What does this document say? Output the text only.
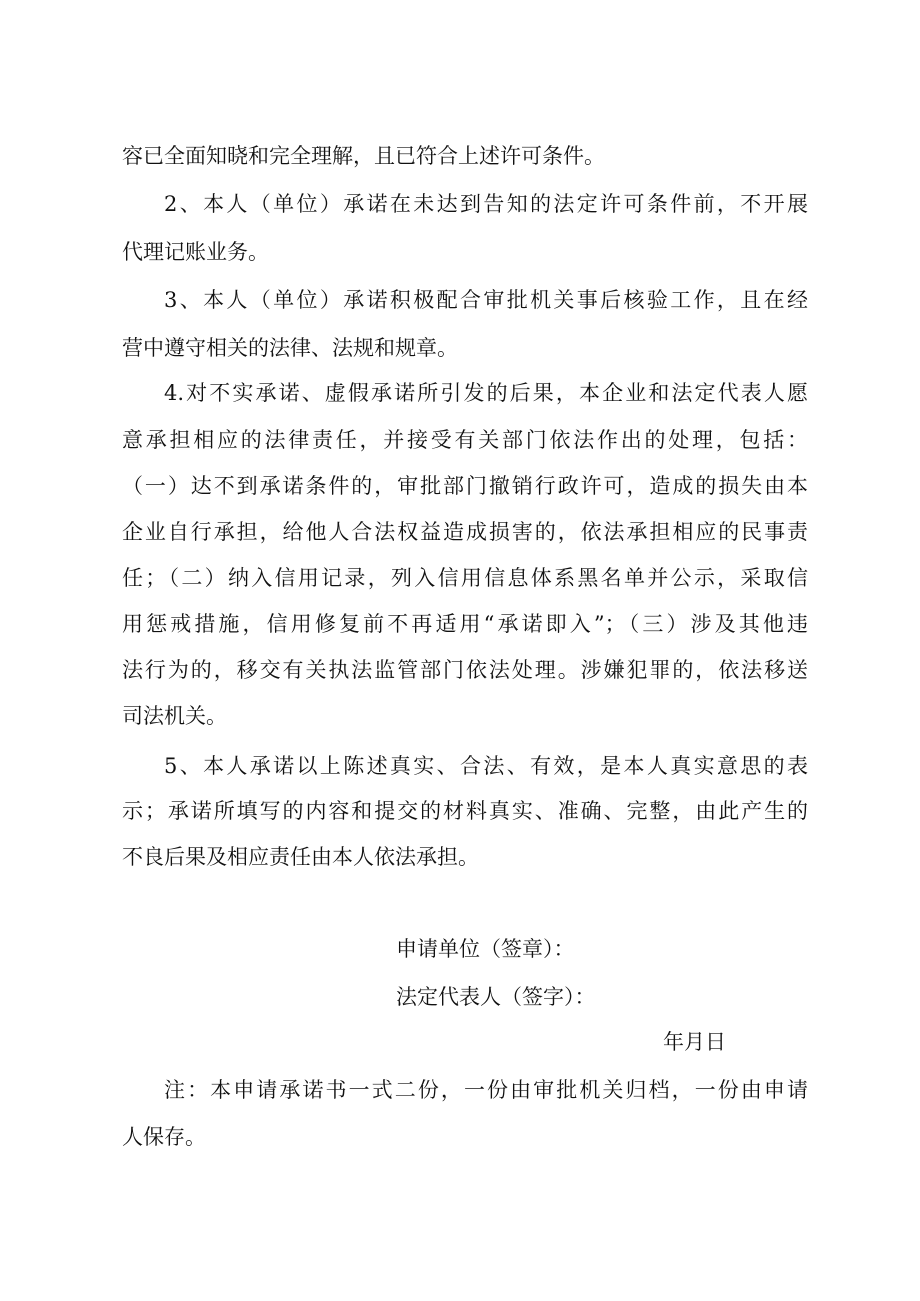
容已全面知晓和完全理解，且已符合上述许可条件。
2、本人（单位）承诺在未达到告知的法定许可条件前，不开展
代理记账业务。
3、本人（单位）承诺积极配合审批机关事后核验工作，且在经
营中遵守相关的法律、法规和规章。
4.对不实承诺、虚假承诺所引发的后果，本企业和法定代表人愿
意承担相应的法律责任，并接受有关部门依法作出的处理，包括：
（一）达不到承诺条件的，审批部门撤销行政许可，造成的损失由本
企业自行承担，给他人合法权益造成损害的，依法承担相应的民事责
任；（二）纳入信用记录，列入信用信息体系黑名单并公示，采取信
用惩戒措施，信用修复前不再适用“承诺即入”；（三）涉及其他违
法行为的，移交有关执法监管部门依法处理。涉嫌犯罪的，依法移送
司法机关。
5、本人承诺以上陈述真实、合法、有效，是本人真实意思的表
示；承诺所填写的内容和提交的材料真实、准确、完整，由此产生的
不良后果及相应责任由本人依法承担。
申请单位（签章）：
法定代表人（签字）：
年月日
注：本申请承诺书一式二份，一份由审批机关归档，一份由申请
人保存。
